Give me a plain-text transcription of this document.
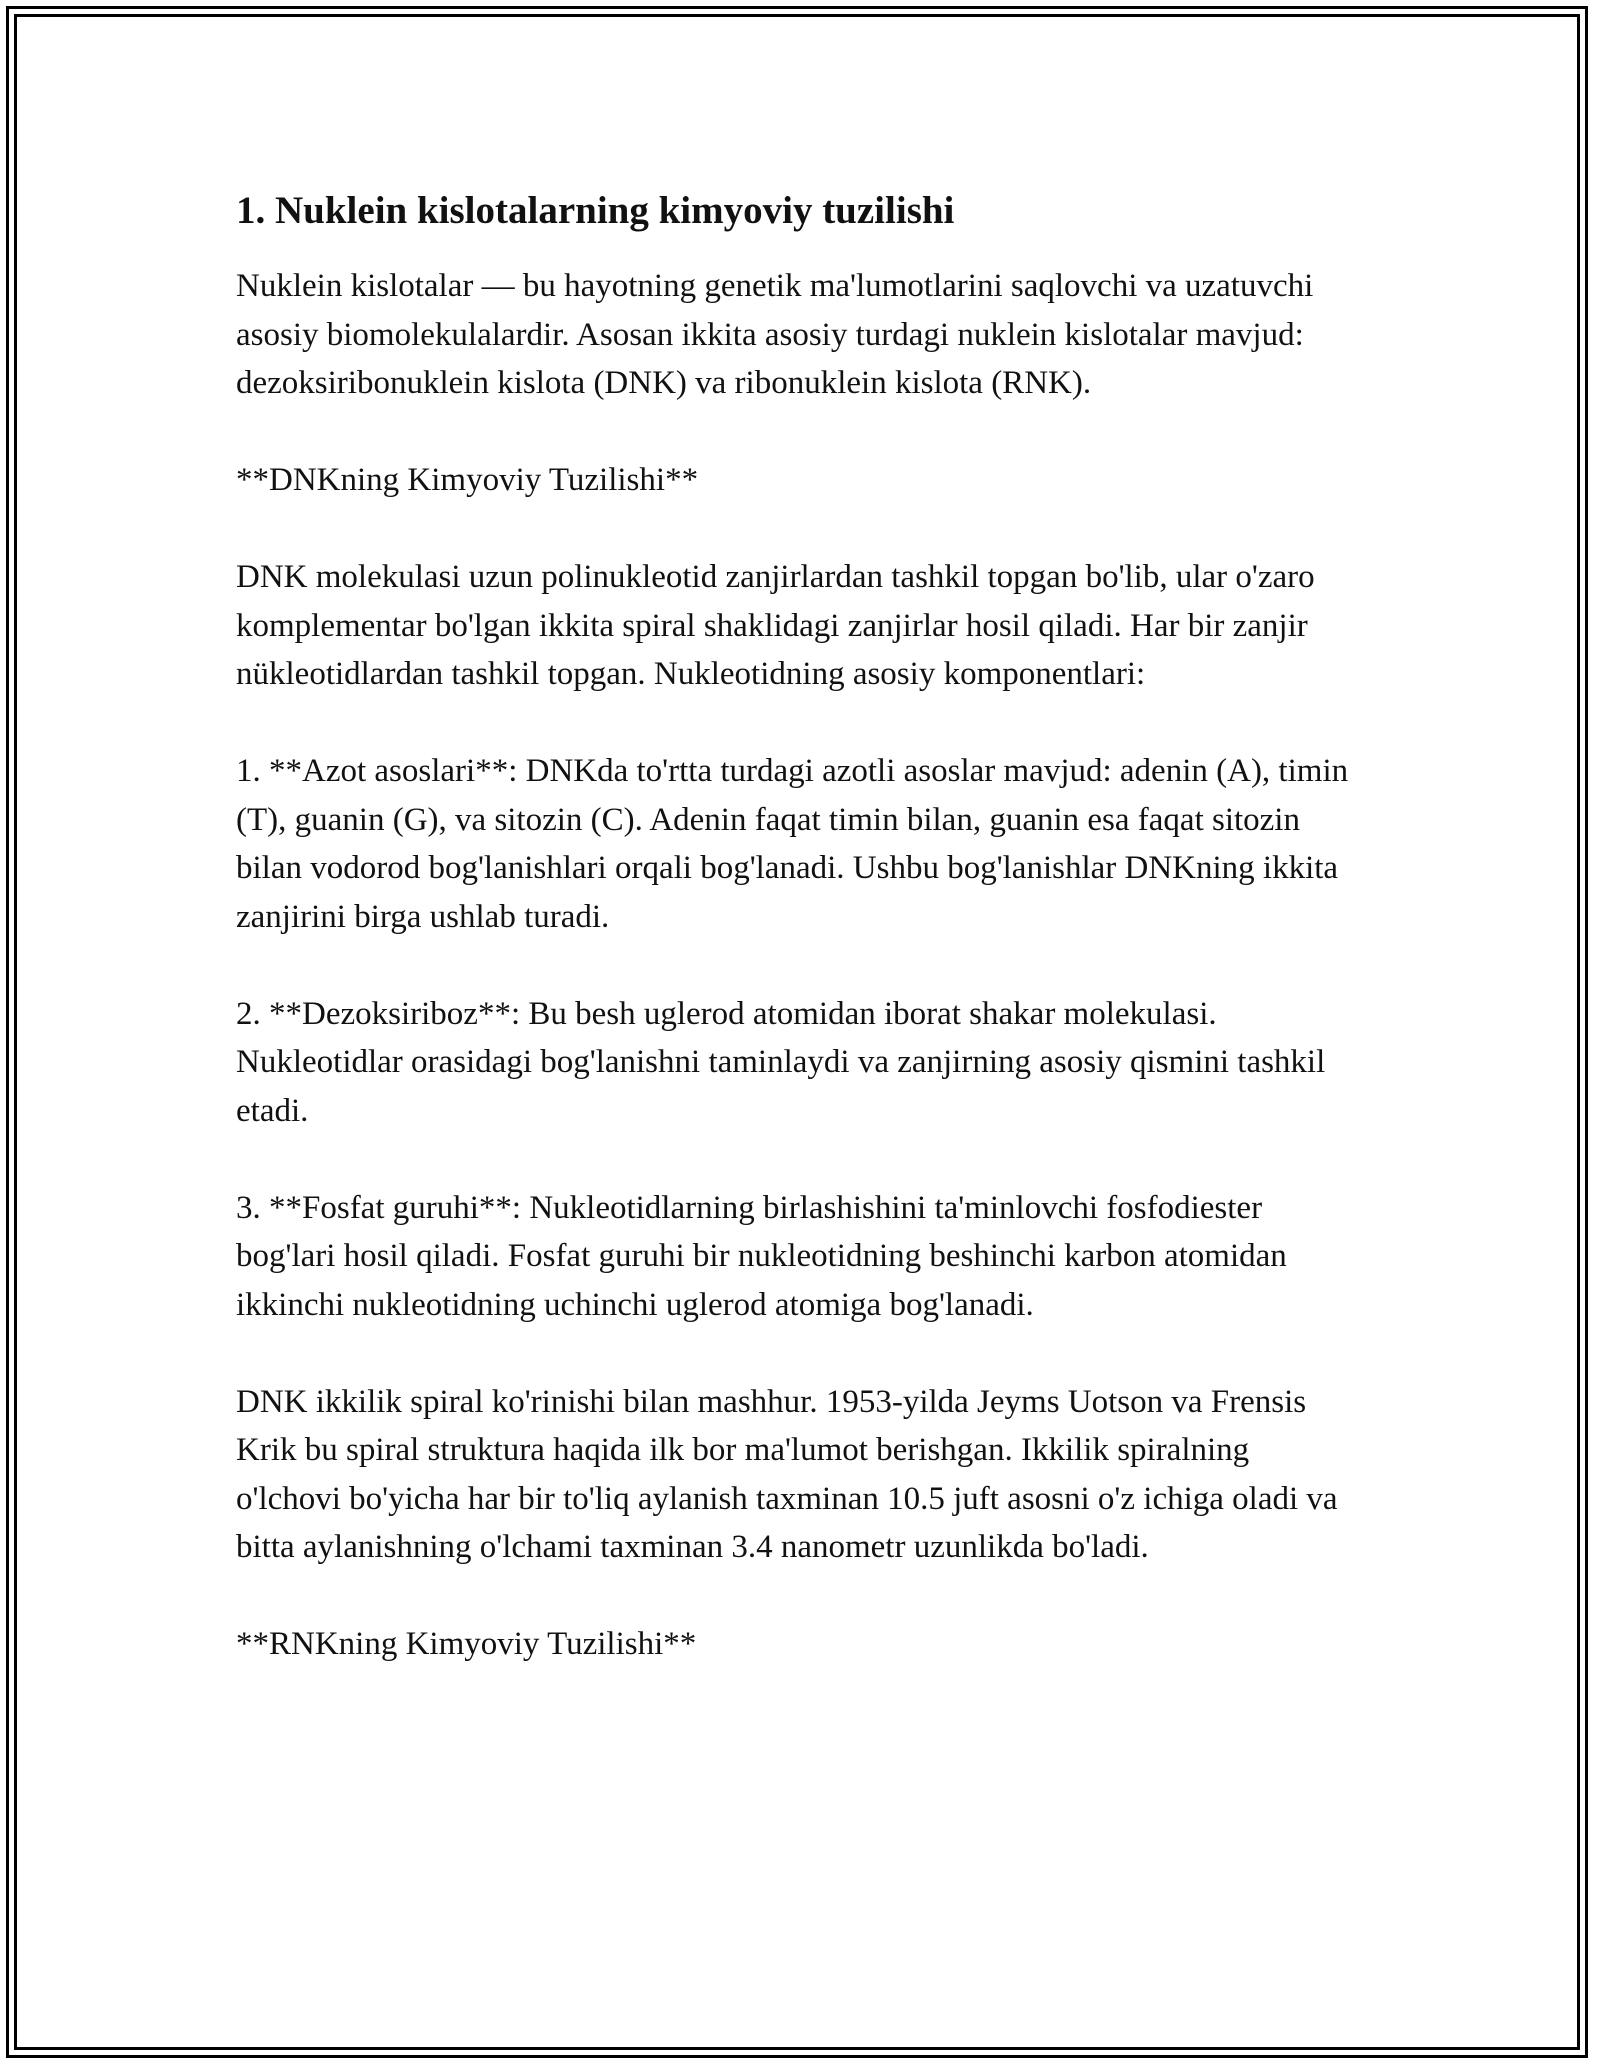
1. Nuklein kislotalarning kimyoviy tuzilishi

Nuklein kislotalar — bu hayotning genetik ma'lumotlarini saqlovchi va uzatuvchi asosiy biomolekulalardir. Asosan ikkita asosiy turdagi nuklein kislotalar mavjud: dezoksiribonuklein kislota (DNK) va ribonuklein kislota (RNK).

**DNKning Kimyoviy Tuzilishi**

DNK molekulasi uzun polinukleotid zanjirlardan tashkil topgan bo'lib, ular o'zaro komplementar bo'lgan ikkita spiral shaklidagi zanjirlar hosil qiladi. Har bir zanjir nükleotidlardan tashkil topgan. Nukleotidning asosiy komponentlari:

1. **Azot asoslari**: DNKda to'rtta turdagi azotli asoslar mavjud: adenin (A), timin (T), guanin (G), va sitozin (C). Adenin faqat timin bilan, guanin esa faqat sitozin bilan vodorod bog'lanishlari orqali bog'lanadi. Ushbu bog'lanishlar DNKning ikkita zanjirini birga ushlab turadi.

2. **Dezoksiriboz**: Bu besh uglerod atomidan iborat shakar molekulasi. Nukleotidlar orasidagi bog'lanishni taminlaydi va zanjirning asosiy qismini tashkil etadi.

3. **Fosfat guruhi**: Nukleotidlarning birlashishini ta'minlovchi fosfodiester bog'lari hosil qiladi. Fosfat guruhi bir nukleotidning beshinchi karbon atomidan ikkinchi nukleotidning uchinchi uglerod atomiga bog'lanadi.

DNK ikkilik spiral ko'rinishi bilan mashhur. 1953-yilda Jeyms Uotson va Frensis Krik bu spiral struktura haqida ilk bor ma'lumot berishgan. Ikkilik spiralning o'lchovi bo'yicha har bir to'liq aylanish taxminan 10.5 juft asosni o'z ichiga oladi va bitta aylanishning o'lchami taxminan 3.4 nanometr uzunlikda bo'ladi.

**RNKning Kimyoviy Tuzilishi**
